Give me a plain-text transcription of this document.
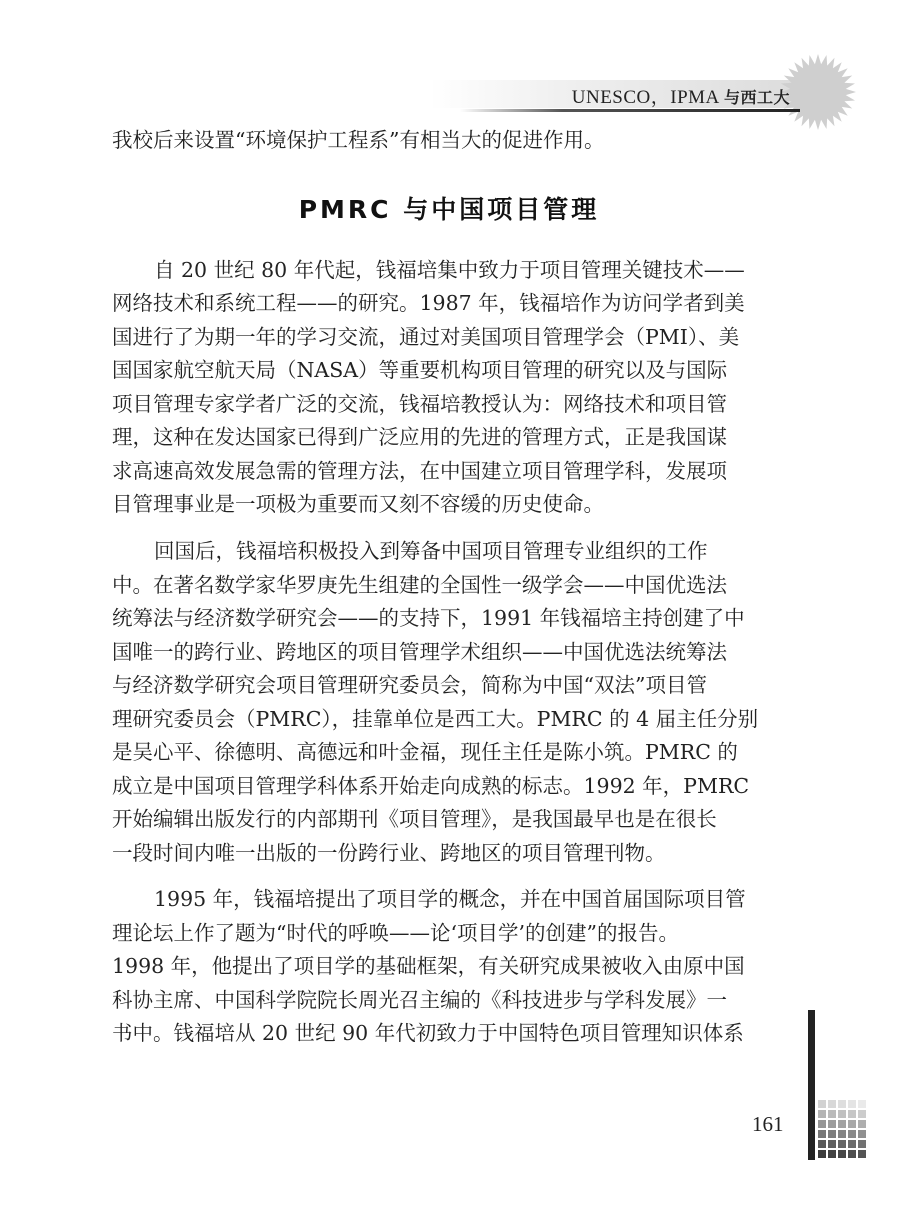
UNESCO，IPMA 与西工大
我校后来设置“环境保护工程系”有相当大的促进作用。
PMRC 与中国项目管理
自 20 世纪 80 年代起，钱福培集中致力于项目管理关键技术——
网络技术和系统工程——的研究。1987 年，钱福培作为访问学者到美
国进行了为期一年的学习交流，通过对美国项目管理学会（PMI）、美
国国家航空航天局（NASA）等重要机构项目管理的研究以及与国际
项目管理专家学者广泛的交流，钱福培教授认为：网络技术和项目管
理，这种在发达国家已得到广泛应用的先进的管理方式，正是我国谋
求高速高效发展急需的管理方法，在中国建立项目管理学科，发展项
目管理事业是一项极为重要而又刻不容缓的历史使命。
回国后，钱福培积极投入到筹备中国项目管理专业组织的工作
中。在著名数学家华罗庚先生组建的全国性一级学会——中国优选法
统筹法与经济数学研究会——的支持下，1991 年钱福培主持创建了中
国唯一的跨行业、跨地区的项目管理学术组织——中国优选法统筹法
与经济数学研究会项目管理研究委员会，简称为中国“双法”项目管
理研究委员会（PMRC），挂靠单位是西工大。PMRC 的 4 届主任分别
是吴心平、徐德明、高德远和叶金福，现任主任是陈小筑。PMRC 的
成立是中国项目管理学科体系开始走向成熟的标志。1992 年，PMRC
开始编辑出版发行的内部期刊《项目管理》，是我国最早也是在很长
一段时间内唯一出版的一份跨行业、跨地区的项目管理刊物。
1995 年，钱福培提出了项目学的概念，并在中国首届国际项目管
理论坛上作了题为“时代的呼唤——论‘项目学’的创建”的报告。
1998 年，他提出了项目学的基础框架，有关研究成果被收入由原中国
科协主席、中国科学院院长周光召主编的《科技进步与学科发展》一
书中。钱福培从 20 世纪 90 年代初致力于中国特色项目管理知识体系
161
